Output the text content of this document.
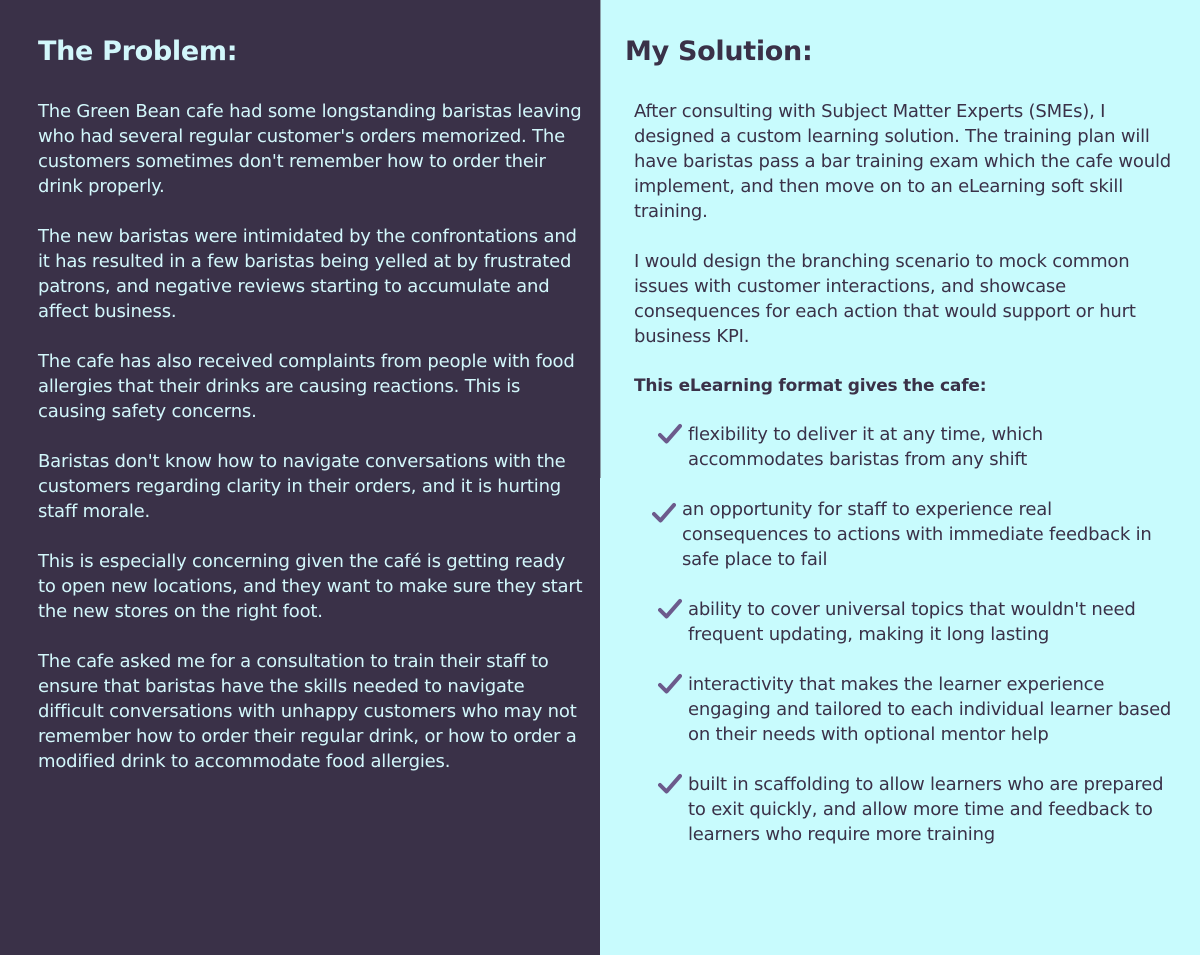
The Problem:

The Green Bean cafe had some longstanding baristas leaving who had several regular customer's orders memorized. The customers sometimes don't remember how to order their drink properly.

The new baristas were intimidated by the confrontations and it has resulted in a few baristas being yelled at by frustrated patrons, and negative reviews starting to accumulate and affect business.

The cafe has also received complaints from people with food allergies that their drinks are causing reactions. This is causing safety concerns.

Baristas don't know how to navigate conversations with the customers regarding clarity in their orders, and it is hurting staff morale.

This is especially concerning given the café is getting ready to open new locations, and they want to make sure they start the new stores on the right foot.

The cafe asked me for a consultation to train their staff to ensure that baristas have the skills needed to navigate difficult conversations with unhappy customers who may not remember how to order their regular drink, or how to order a modified drink to accommodate food allergies.

My Solution:

After consulting with Subject Matter Experts (SMEs), I designed a custom learning solution. The training plan will have baristas pass a bar training exam which the cafe would implement, and then move on to an eLearning soft skill training.

I would design the branching scenario to mock common issues with customer interactions, and showcase consequences for each action that would support or hurt business KPI.

This eLearning format gives the cafe:

flexibility to deliver it at any time, which accommodates baristas from any shift
an opportunity for staff to experience real consequences to actions with immediate feedback in safe place to fail
ability to cover universal topics that wouldn't need frequent updating, making it long lasting
interactivity that makes the learner experience engaging and tailored to each individual learner based on their needs with optional mentor help
built in scaffolding to allow learners who are prepared to exit quickly, and allow more time and feedback to learners who require more training
